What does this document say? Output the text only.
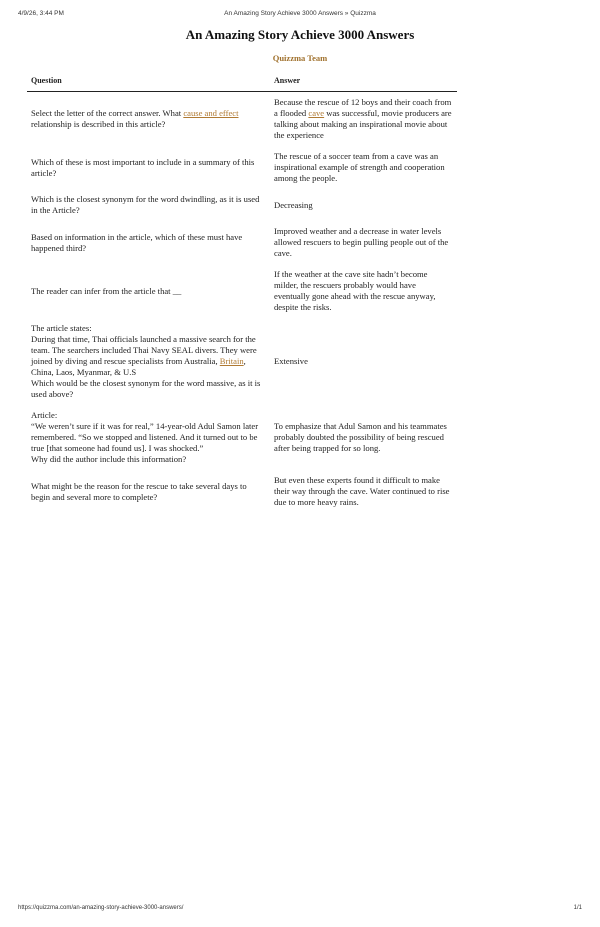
4/9/26, 3:44 PM	An Amazing Story Achieve 3000 Answers » Quizzma
An Amazing Story Achieve 3000 Answers
Quizzma Team
Question	Answer
Select the letter of the correct answer. What cause and effect relationship is described in this article?	Because the rescue of 12 boys and their coach from a flooded cave was successful, movie producers are talking about making an inspirational movie about the experience
Which of these is most important to include in a summary of this article?	The rescue of a soccer team from a cave was an inspirational example of strength and cooperation among the people.
Which is the closest synonym for the word dwindling, as it is used in the Article?	Decreasing
Based on information in the article, which of these must have happened third?	Improved weather and a decrease in water levels allowed rescuers to begin pulling people out of the cave.
The reader can infer from the article that __	If the weather at the cave site hadn’t become milder, the rescuers probably would have eventually gone ahead with the rescue anyway, despite the risks.
The article states:
During that time, Thai officials launched a massive search for the team. The searchers included Thai Navy SEAL divers. They were joined by diving and rescue specialists from Australia, Britain, China, Laos, Myanmar, & U.S
Which would be the closest synonym for the word massive, as it is used above?	Extensive
Article:
“We weren’t sure if it was for real,” 14-year-old Adul Samon later remembered. “So we stopped and listened. And it turned out to be true [that someone had found us]. I was shocked.”
Why did the author include this information?	To emphasize that Adul Samon and his teammates probably doubted the possibility of being rescued after being trapped for so long.
What might be the reason for the rescue to take several days to begin and several more to complete?	But even these experts found it difficult to make their way through the cave. Water continued to rise due to more heavy rains.
https://quizzma.com/an-amazing-story-achieve-3000-answers/	1/1
